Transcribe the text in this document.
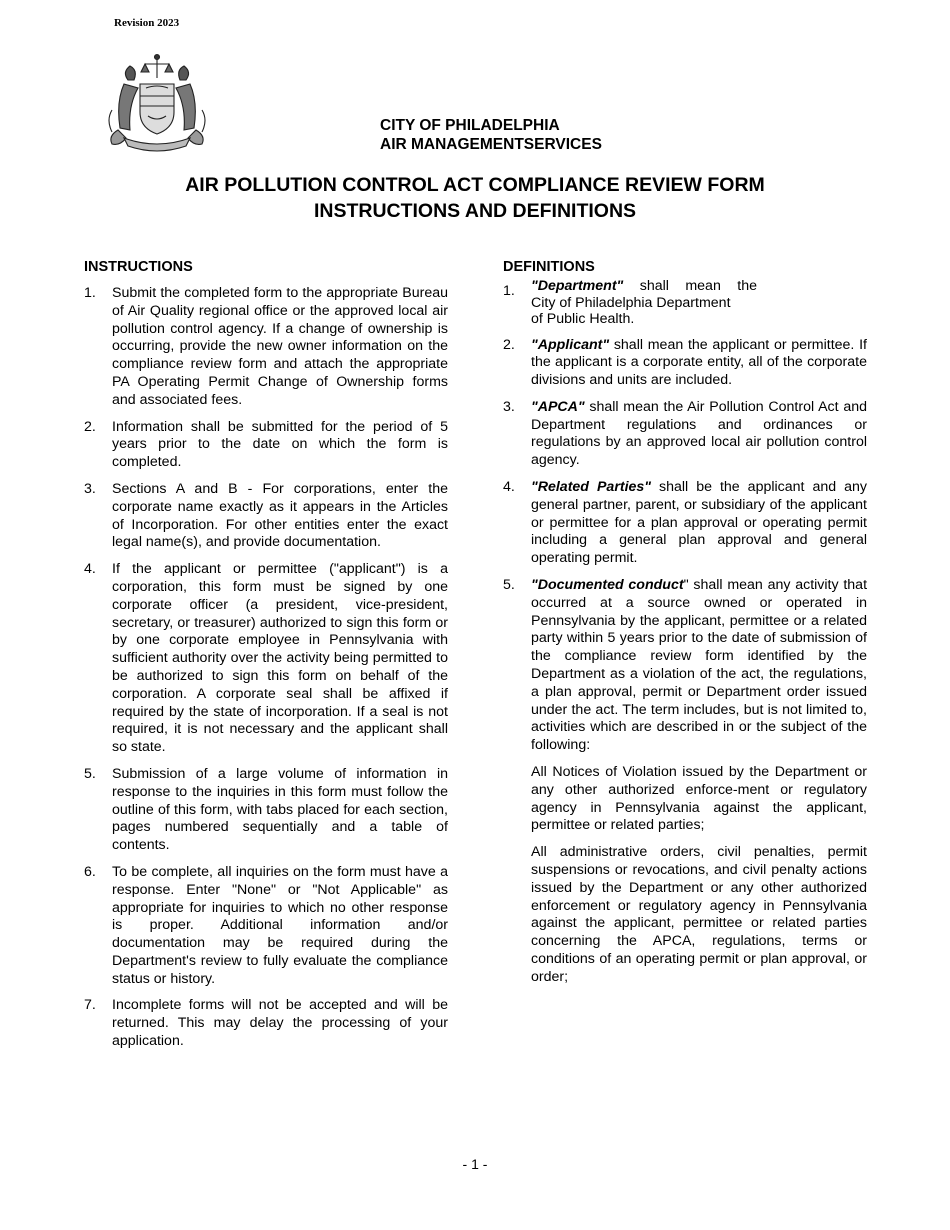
Revision 2023
CITY OF PHILADELPHIA
AIR MANAGEMENTSERVICES
AIR POLLUTION CONTROL ACT COMPLIANCE REVIEW FORM
INSTRUCTIONS AND DEFINITIONS
INSTRUCTIONS
1. Submit the completed form to the appropriate Bureau of Air Quality regional office or the approved local air pollution control agency. If a change of ownership is occurring, provide the new owner information on the compliance review form and attach the appropriate PA Operating Permit Change of Ownership forms and associated fees.
2. Information shall be submitted for the period of 5 years prior to the date on which the form is completed.
3. Sections A and B - For corporations, enter the corporate name exactly as it appears in the Articles of Incorporation. For other entities enter the exact legal name(s), and provide documentation.
4. If the applicant or permittee ("applicant") is a corporation, this form must be signed by one corporate officer (a president, vice-president, secretary, or treasurer) authorized to sign this form or by one corporate employee in Pennsylvania with sufficient authority over the activity being permitted to be authorized to sign this form on behalf of the corporation. A corporate seal shall be affixed if required by the state of incorporation. If a seal is not required, it is not necessary and the applicant shall so state.
5. Submission of a large volume of information in response to the inquiries in this form must follow the outline of this form, with tabs placed for each section, pages numbered sequentially and a table of contents.
6. To be complete, all inquiries on the form must have a response. Enter "None" or "Not Applicable" as appropriate for inquiries to which no other response is proper. Additional information and/or documentation may be required during the Department's review to fully evaluate the compliance status or history.
7. Incomplete forms will not be accepted and will be returned. This may delay the processing of your application.
DEFINITIONS
1. "Department" shall mean the
City of Philadelphia Department
of Public Health.
2. "Applicant" shall mean the applicant or permittee. If the applicant is a corporate entity, all of the corporate divisions and units are included.
3. "APCA" shall mean the Air Pollution Control Act and Department regulations and ordinances or regulations by an approved local air pollution control agency.
4. "Related Parties" shall be the applicant and any general partner, parent, or subsidiary of the applicant or permittee for a plan approval or operating permit including a general plan approval and general operating permit.
5. "Documented conduct" shall mean any activity that occurred at a source owned or operated in Pennsylvania by the applicant, permittee or a related party within 5 years prior to the date of submission of the compliance review form identified by the Department as a violation of the act, the regulations, a plan approval, permit or Department order issued under the act. The term includes, but is not limited to, activities which are described in or the subject of the following:
All Notices of Violation issued by the Department or any other authorized enforce-ment or regulatory agency in Pennsylvania against the applicant, permittee or related parties;
All administrative orders, civil penalties, permit suspensions or revocations, and civil penalty actions issued by the Department or any other authorized enforcement or regulatory agency in Pennsylvania against the applicant, permittee or related parties concerning the APCA, regulations, terms or conditions of an operating permit or plan approval, or order;
- 1 -
